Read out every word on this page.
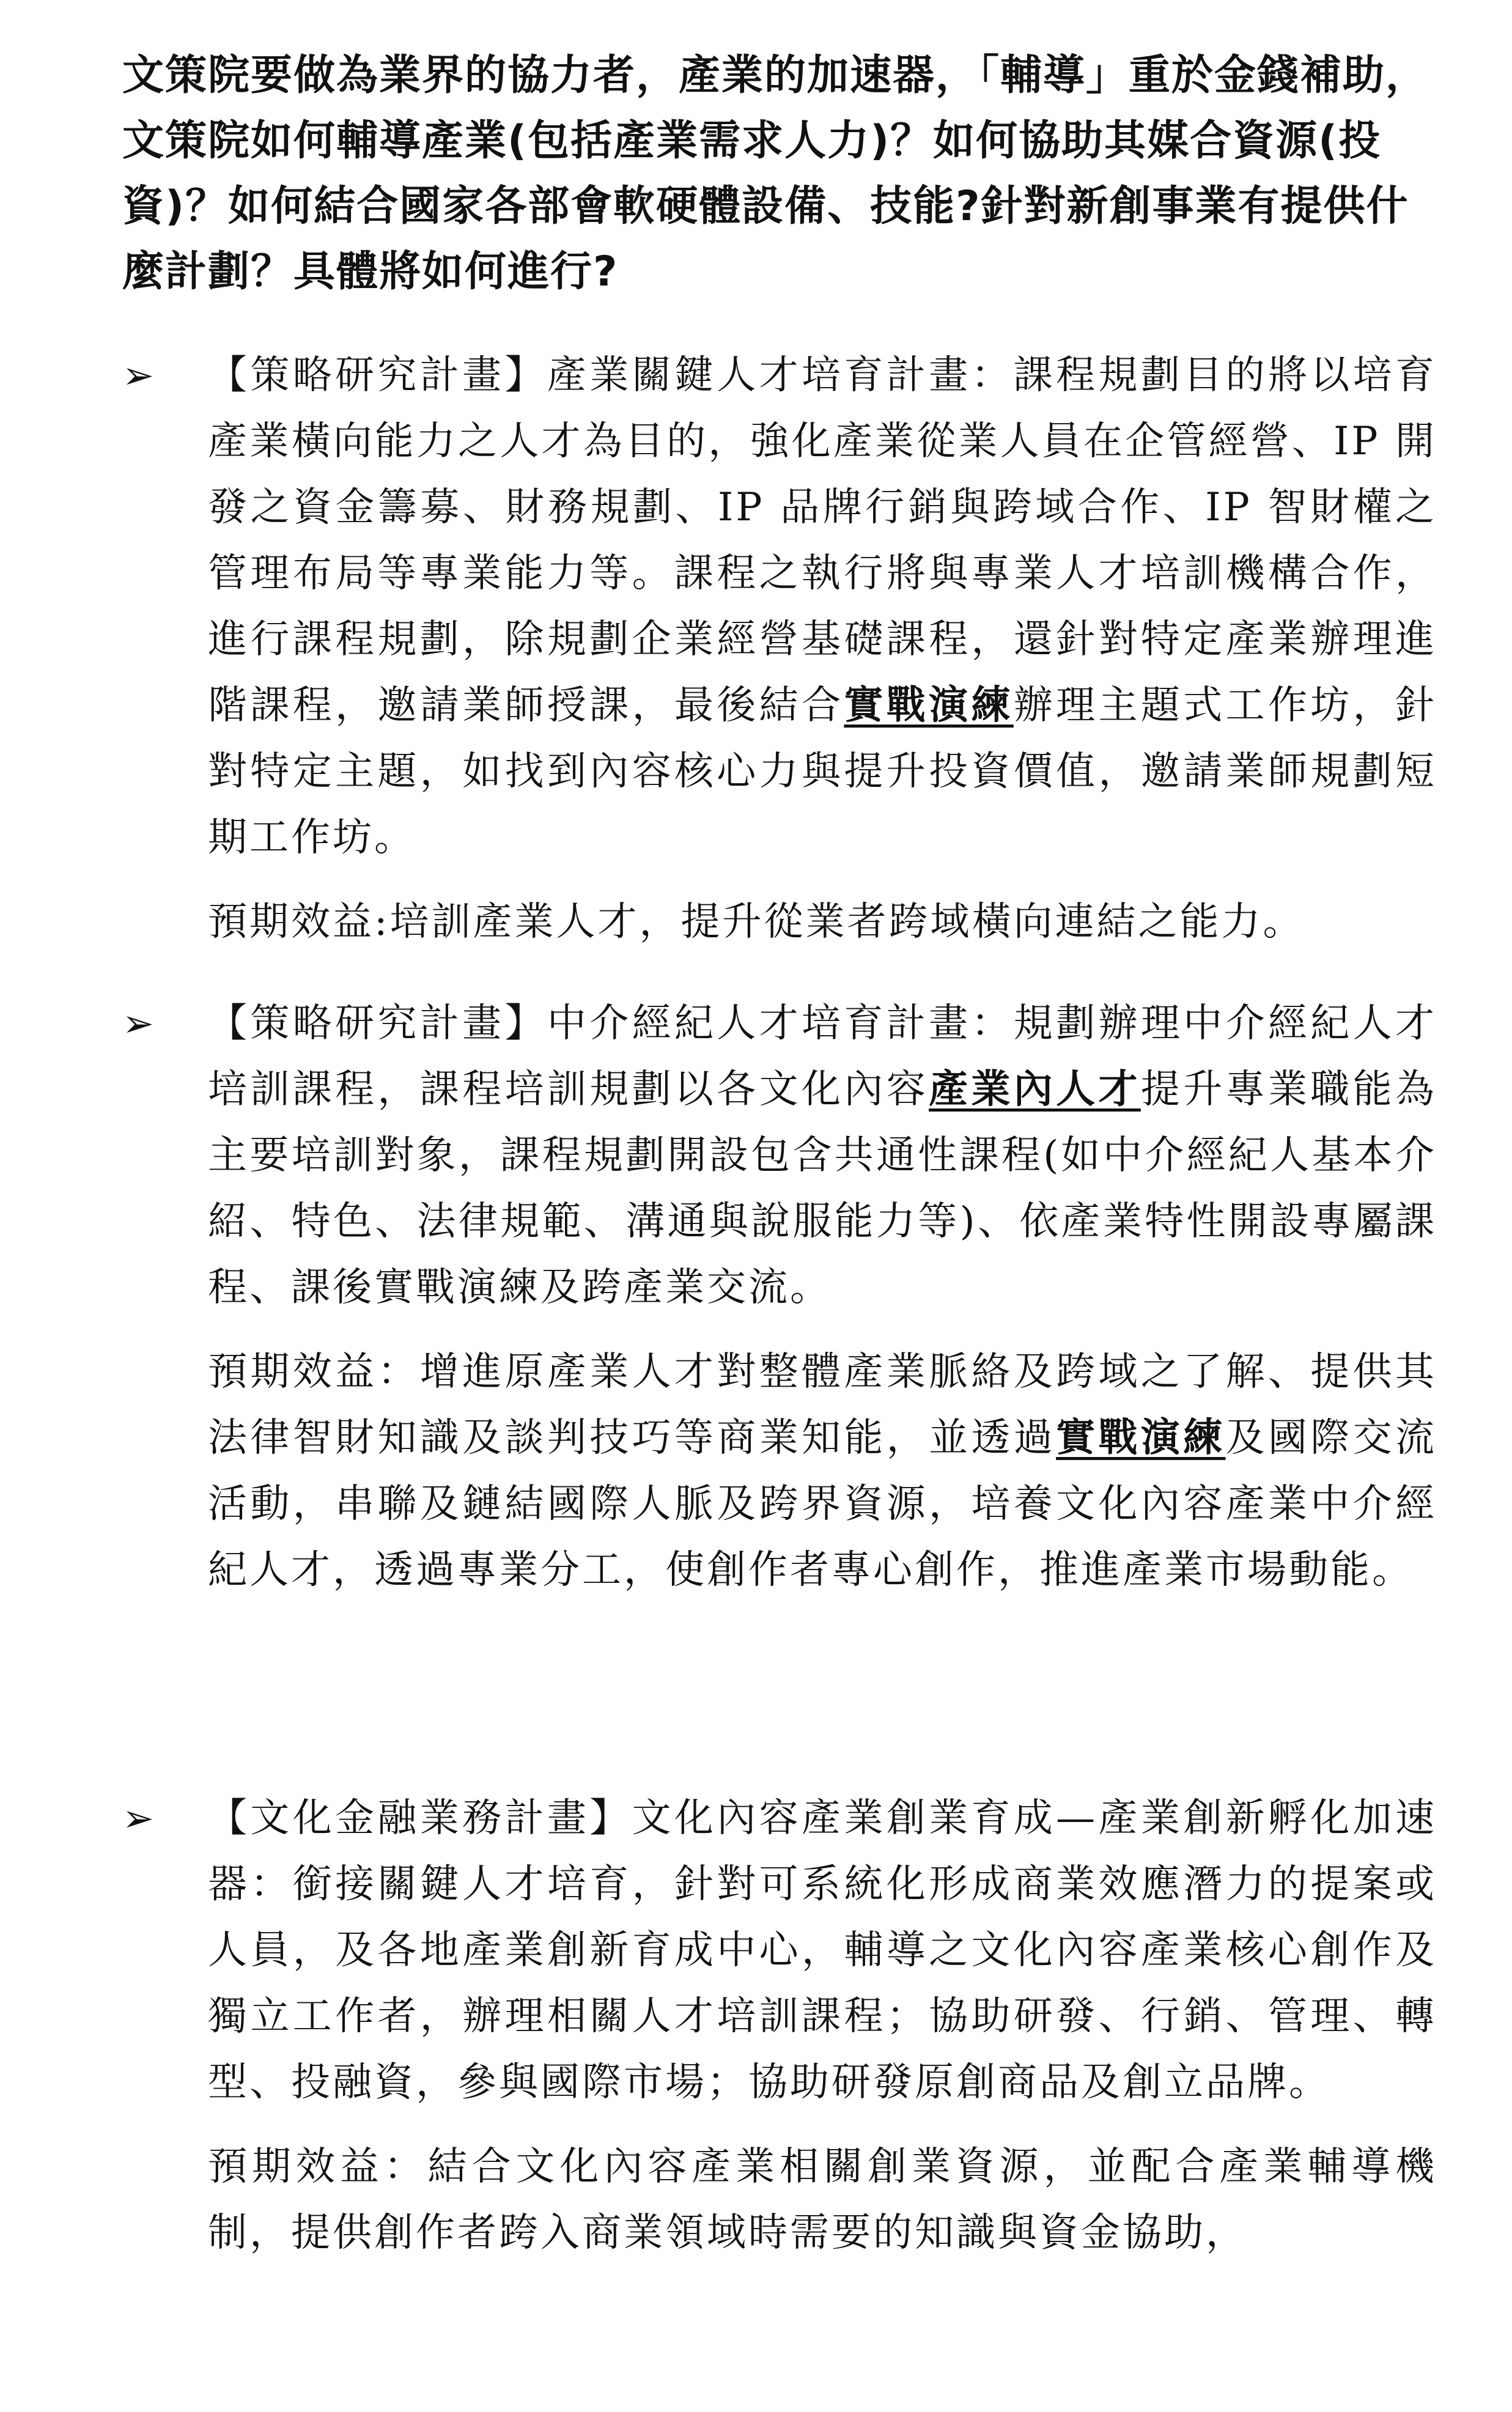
文策院要做為業界的協力者，產業的加速器，「輔導」重於金錢補助，文策院如何輔導產業(包括產業需求人力)？如何協助其媒合資源(投資)？如何結合國家各部會軟硬體設備、技能?針對新創事業有提供什麼計劃？具體將如何進行?

➢	【策略研究計畫】產業關鍵人才培育計畫：課程規劃目的將以培育產業橫向能力之人才為目的，強化產業從業人員在企管經營、IP 開發之資金籌募、財務規劃、IP 品牌行銷與跨域合作、IP 智財權之管理布局等專業能力等。課程之執行將與專業人才培訓機構合作，進行課程規劃，除規劃企業經營基礎課程，還針對特定產業辦理進階課程，邀請業師授課，最後結合實戰演練辦理主題式工作坊，針對特定主題，如找到內容核心力與提升投資價值，邀請業師規劃短期工作坊。

預期效益:培訓產業人才，提升從業者跨域橫向連結之能力。

➢	【策略研究計畫】中介經紀人才培育計畫：規劃辦理中介經紀人才培訓課程，課程培訓規劃以各文化內容產業內人才提升專業職能為主要培訓對象，課程規劃開設包含共通性課程(如中介經紀人基本介紹、特色、法律規範、溝通與說服能力等)、依產業特性開設專屬課程、課後實戰演練及跨產業交流。

預期效益：增進原產業人才對整體產業脈絡及跨域之了解、提供其法律智財知識及談判技巧等商業知能，並透過實戰演練及國際交流活動，串聯及鏈結國際人脈及跨界資源，培養文化內容產業中介經紀人才，透過專業分工，使創作者專心創作，推進產業市場動能。

➢	【文化金融業務計畫】文化內容產業創業育成—產業創新孵化加速器：銜接關鍵人才培育，針對可系統化形成商業效應潛力的提案或人員，及各地產業創新育成中心，輔導之文化內容產業核心創作及獨立工作者，辦理相關人才培訓課程；協助研發、行銷、管理、轉型、投融資，參與國際市場；協助研發原創商品及創立品牌。

預期效益：結合文化內容產業相關創業資源，並配合產業輔導機制，提供創作者跨入商業領域時需要的知識與資金協助，
